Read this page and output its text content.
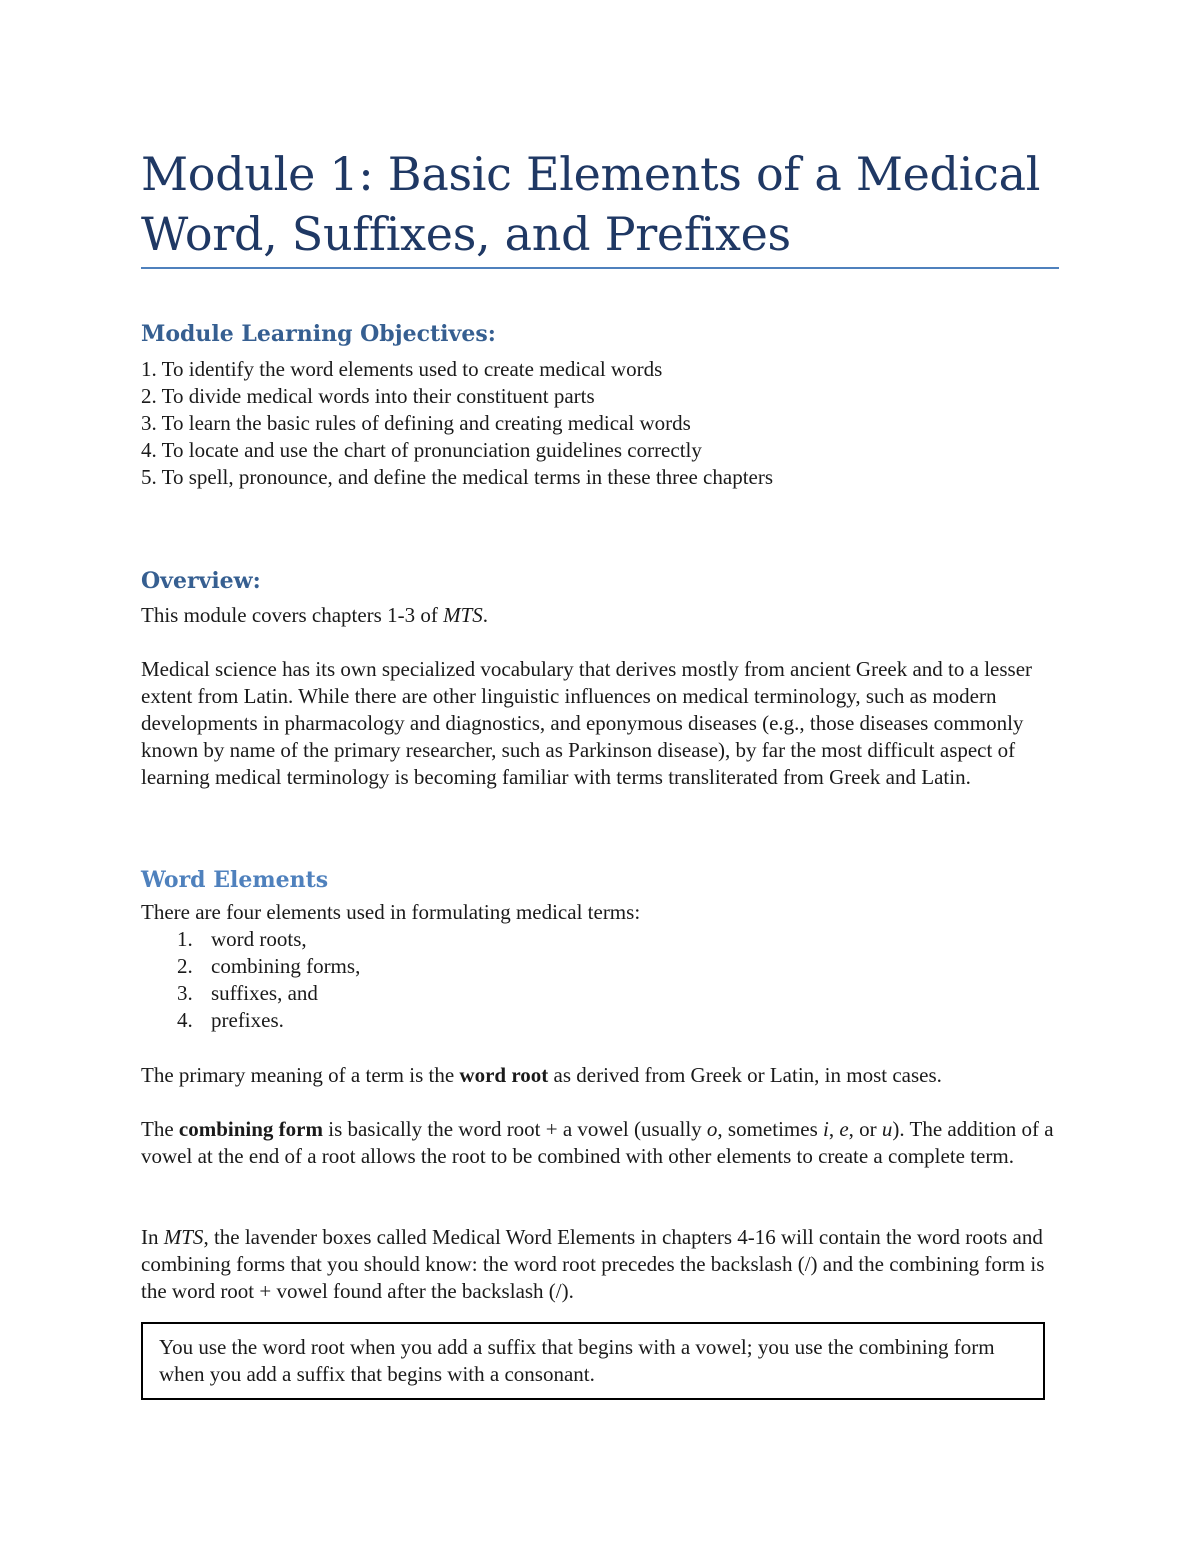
Module 1: Basic Elements of a Medical
Word, Suffixes, and Prefixes
Module Learning Objectives:
1. To identify the word elements used to create medical words
2. To divide medical words into their constituent parts
3. To learn the basic rules of defining and creating medical words
4. To locate and use the chart of pronunciation guidelines correctly
5. To spell, pronounce, and define the medical terms in these three chapters
Overview:

This module covers chapters 1-3 of MTS.

Medical science has its own specialized vocabulary that derives mostly from ancient Greek and to a lesser extent from Latin. While there are other linguistic influences on medical terminology, such as modern developments in pharmacology and diagnostics, and eponymous diseases (e.g., those diseases commonly known by name of the primary researcher, such as Parkinson disease), by far the most difficult aspect of learning medical terminology is becoming familiar with terms transliterated from Greek and Latin.

Word Elements

There are four elements used in formulating medical terms:

1. word roots,
2. combining forms,
3. suffixes, and
4. prefixes.

The primary meaning of a term is the word root as derived from Greek or Latin, in most cases.

The combining form is basically the word root + a vowel (usually o, sometimes i, e, or u). The addition of a vowel at the end of a root allows the root to be combined with other elements to create a complete term.

In MTS, the lavender boxes called Medical Word Elements in chapters 4-16 will contain the word roots and combining forms that you should know: the word root precedes the backslash (/) and the combining form is the word root + vowel found after the backslash (/).

You use the word root when you add a suffix that begins with a vowel; you use the combining form when you add a suffix that begins with a consonant.
